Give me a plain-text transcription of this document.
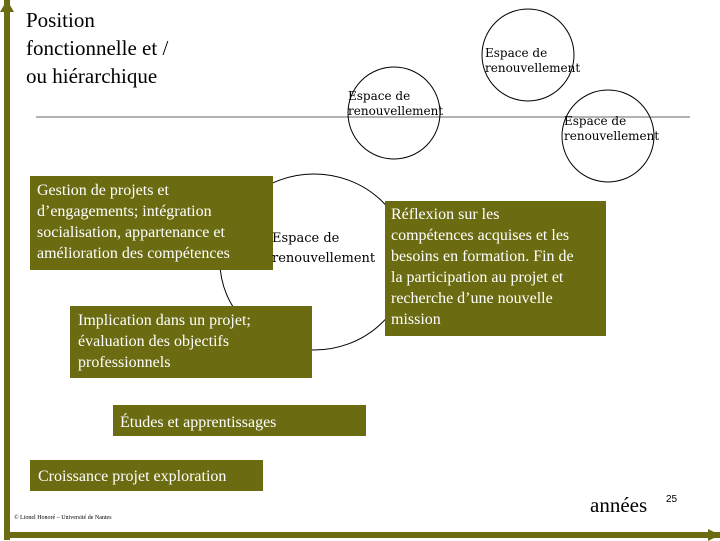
Position
fonctionnelle et /
ou hiérarchique
Espace de
renouvellement
Espace de
renouvellement
Espace de
renouvellement
Gestion de projets et
d’engagements; intégration
socialisation, appartenance et
amélioration des compétences
Espace de
renouvellement
Réflexion sur les
compétences acquises et les
besoins en formation. Fin de
la participation au projet et
recherche d’une nouvelle
mission
Implication dans un projet;
évaluation des objectifs
professionnels
Études et apprentissages
Croissance projet exploration
années 25
© Lionel Honoré – Université de Nantes
